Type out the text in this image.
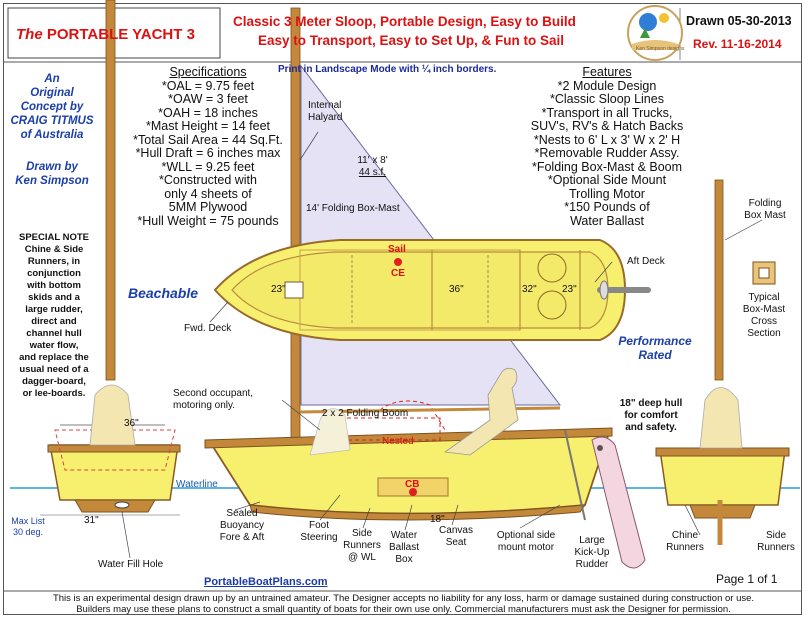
The PORTABLE YACHT 3
Classic 3 Meter Sloop, Portable Design, Easy to Build
Easy to Transport, Easy to Set Up, & Fun to Sail
Print in Landscape Mode with ¼ inch borders.
Drawn 05-30-2013
Rev. 11-16-2014
Ken Simpson designs
An
Original
Concept by
CRAIG TITMUS
of Australia
Drawn by
Ken Simpson
Specifications
*OAL = 9.75 feet
*OAW = 3 feet
*OAH = 18 inches
*Mast Height = 14 feet
*Total Sail Area = 44 Sq.Ft.
*Hull Draft = 6 inches max
*WLL = 9.25 feet
*Constructed with
only 4 sheets of
5MM Plywood
*Hull Weight = 75 pounds
Features
*2 Module Design
*Classic Sloop Lines
*Transport in all Trucks,
SUV's, RV's & Hatch Backs
*Nests to 6' L x 3' W x 2' H
*Removable Rudder Assy.
*Folding Box-Mast & Boom
*Optional Side Mount
Trolling Motor
*150 Pounds of
Water Ballast
SPECIAL NOTE
Chine & Side
Runners, in
conjunction
with bottom
skids and a
large rudder,
direct and
channel hull
water flow,
and replace the
usual need of a
dagger-board,
or lee-boards.
Beachable
Performance
Rated
18" deep hull
for comfort
and safety.
Internal
Halyard
11' x 8'
44 s.f.
14' Folding Box-Mast	Folding
Box Mast
Typical
Box-Mast
Cross
Section
Sail
CE
CB
Aft Deck
Fwd. Deck
23"	36"	32"	23"
Second occupant,
motoring only.
2 x 2 Folding Boom
Nested
Waterline
36"
31"	18"
Max List
30 deg.
Water Fill Hole
Sealed
Buoyancy
Fore & Aft
Foot
Steering	Side
Runners
@ WL
Water
Ballast
Box
Canvas
Seat
Optional side
mount motor
Large
Kick-Up
Rudder
Chine
Runners
Side
Runners
PortableBoatPlans.com	Page 1 of 1
This is an experimental design drawn up by an untrained amateur. The Designer accepts no liability for any loss, harm or damage sustained during construction or use.
Builders may use these plans to construct a small quantity of boats for their own use only. Commercial manufacturers must ask the Designer for permission.
